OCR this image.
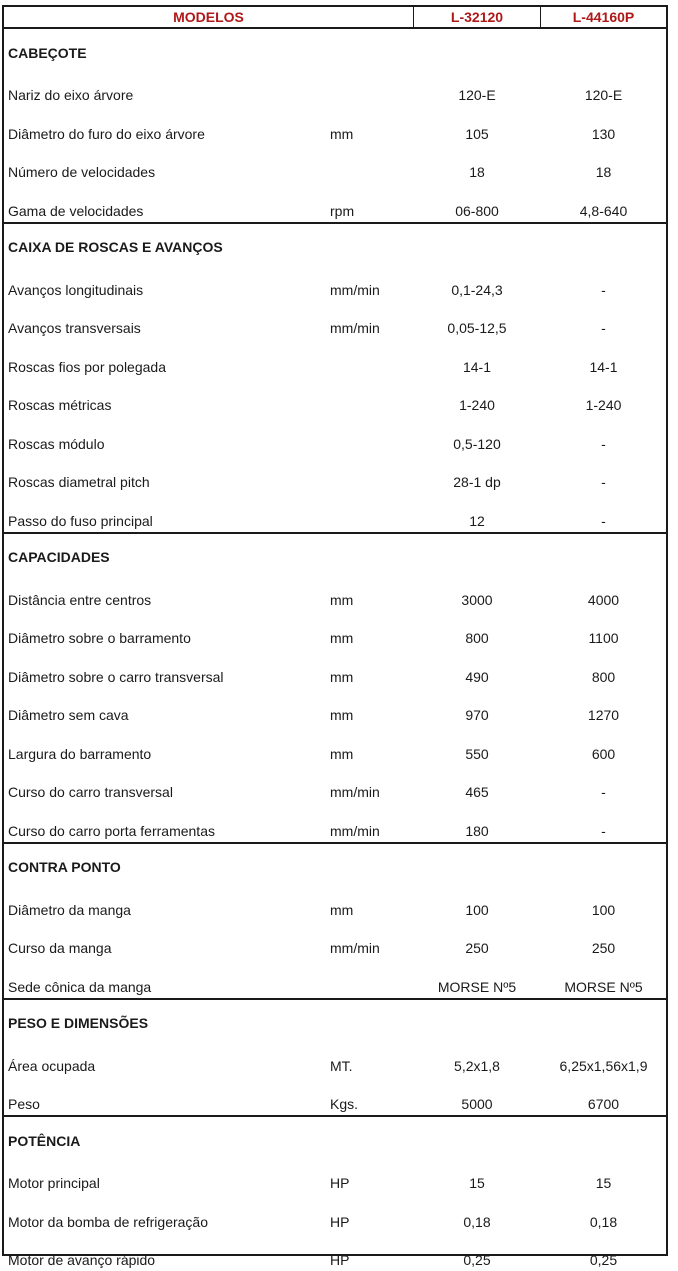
MODELOS	L-32120	L-44160P
CABEÇOTE
Nariz do eixo árvore	120-E	120-E
Diâmetro do furo do eixo árvore	mm	105	130
Número de velocidades	18	18
Gama de velocidades	rpm	06-800	4,8-640
CAIXA DE ROSCAS E AVANÇOS
Avanços longitudinais	mm/min	0,1-24,3	-
Avanços transversais	mm/min	0,05-12,5	-
Roscas fios por polegada	14-1	14-1
Roscas métricas	1-240	1-240
Roscas módulo	0,5-120	-
Roscas diametral pitch	28-1 dp	-
Passo do fuso principal	12	-
CAPACIDADES
Distância entre centros	mm	3000	4000
Diâmetro sobre o barramento	mm	800	1100
Diâmetro sobre o carro transversal	mm	490	800
Diâmetro sem cava	mm	970	1270
Largura do barramento	mm	550	600
Curso do carro transversal	mm/min	465	-
Curso do carro porta ferramentas	mm/min	180	-
CONTRA PONTO
Diâmetro da manga	mm	100	100
Curso da manga	mm/min	250	250
Sede cônica da manga	MORSE Nº5	MORSE Nº5
PESO E DIMENSÕES
Área ocupada	MT.	5,2x1,8	6,25x1,56x1,9
Peso	Kgs.	5000	6700
POTÊNCIA
Motor principal	HP	15	15
Motor da bomba de refrigeração	HP	0,18	0,18
Motor de avanço rápido	HP	0,25	0,25
